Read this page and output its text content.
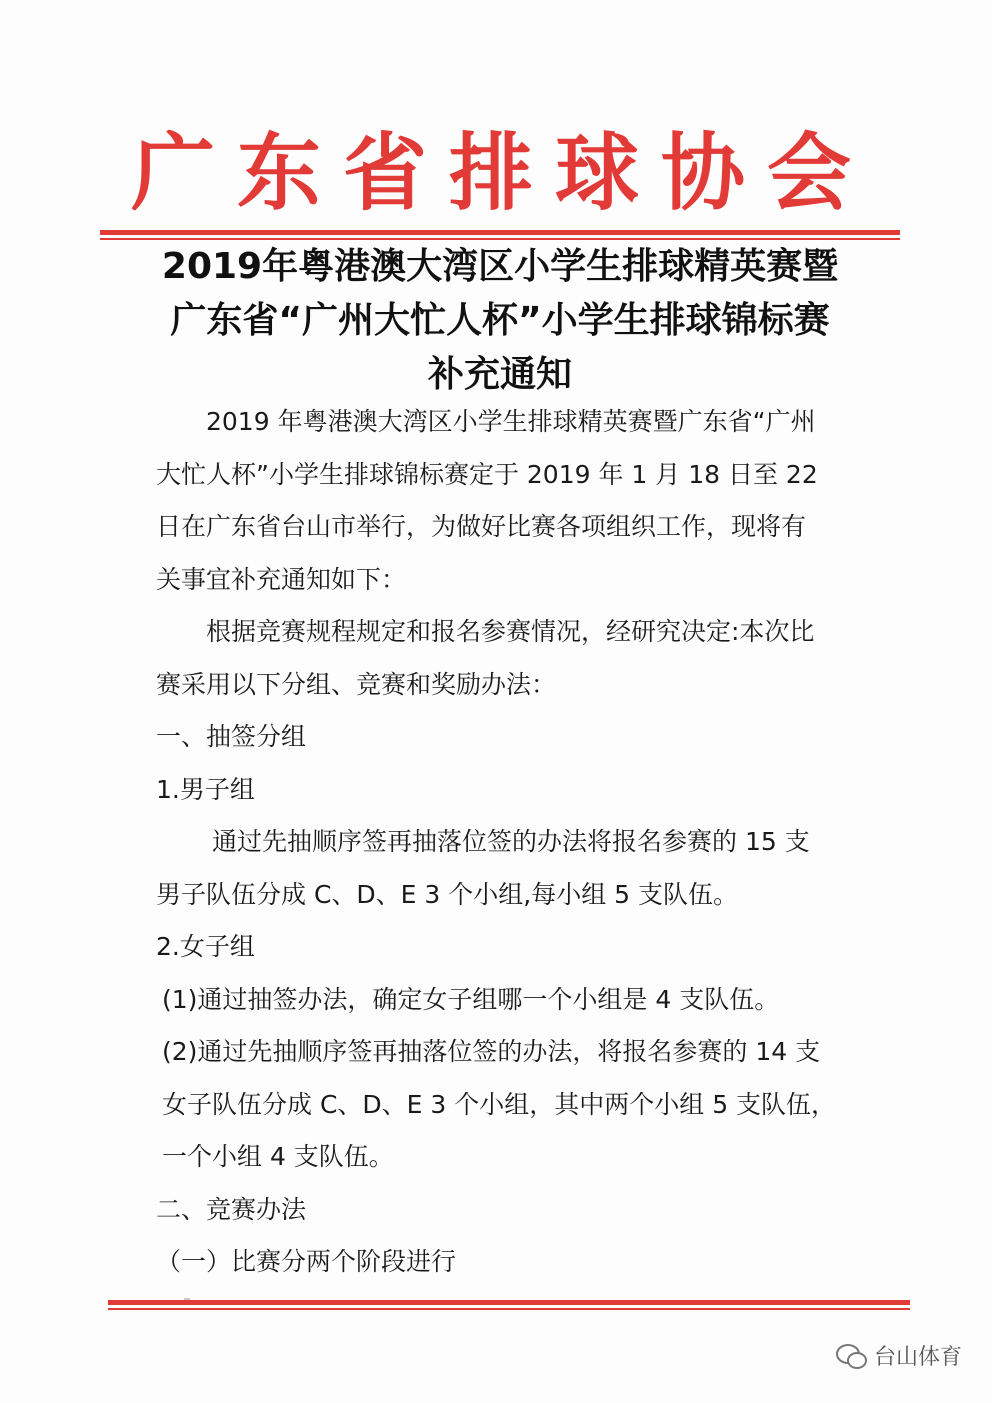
广东省排球协会
2019年粤港澳大湾区小学生排球精英赛暨
广东省“广州大忙人杯”小学生排球锦标赛
补充通知
2019 年粤港澳大湾区小学生排球精英赛暨广东省“广州
大忙人杯”小学生排球锦标赛定于 2019 年 1 月 18 日至 22
日在广东省台山市举行，为做好比赛各项组织工作，现将有
关事宜补充通知如下：
根据竞赛规程规定和报名参赛情况，经研究决定:本次比
赛采用以下分组、竞赛和奖励办法：
一、抽签分组
1.男子组
通过先抽顺序签再抽落位签的办法将报名参赛的 15 支
男子队伍分成 C、D、E 3 个小组,每小组 5 支队伍。
2.女子组
(1)通过抽签办法，确定女子组哪一个小组是 4 支队伍。
(2)通过先抽顺序签再抽落位签的办法，将报名参赛的 14 支
女子队伍分成 C、D、E 3 个小组，其中两个小组 5 支队伍，
一个小组 4 支队伍。
二、竞赛办法
（一）比赛分两个阶段进行
台山体育
